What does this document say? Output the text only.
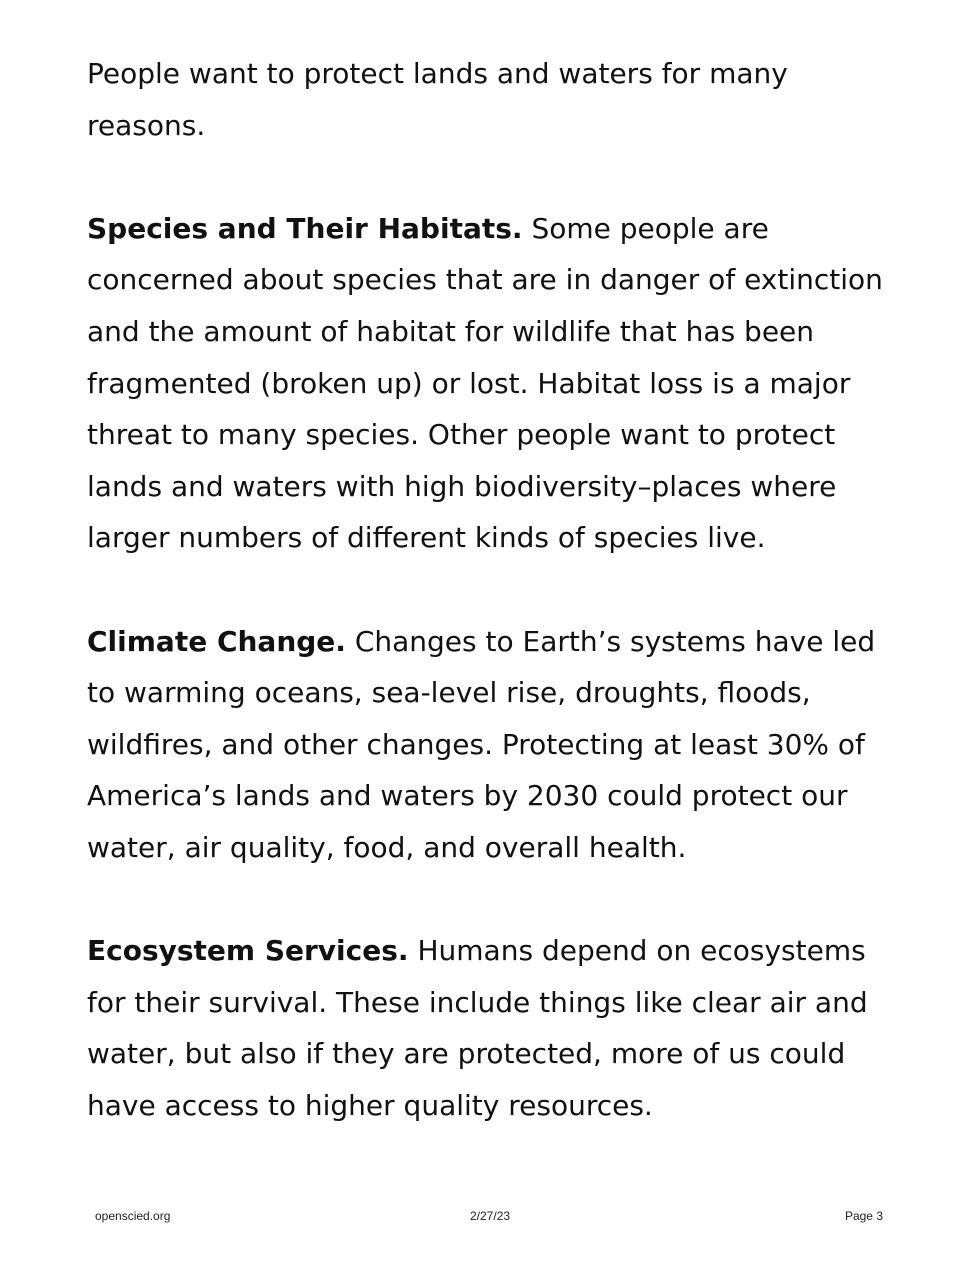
People want to protect lands and waters for many reasons.

Species and Their Habitats. Some people are concerned about species that are in danger of extinction and the amount of habitat for wildlife that has been fragmented (broken up) or lost. Habitat loss is a major threat to many species. Other people want to protect lands and waters with high biodiversity–places where larger numbers of different kinds of species live.

Climate Change. Changes to Earth’s systems have led to warming oceans, sea-level rise, droughts, floods, wildfires, and other changes. Protecting at least 30% of America’s lands and waters by 2030 could protect our water, air quality, food, and overall health.

Ecosystem Services. Humans depend on ecosystems for their survival. These include things like clear air and water, but also if they are protected, more of us could have access to higher quality resources.

openscied.org	2/27/23	Page 3
